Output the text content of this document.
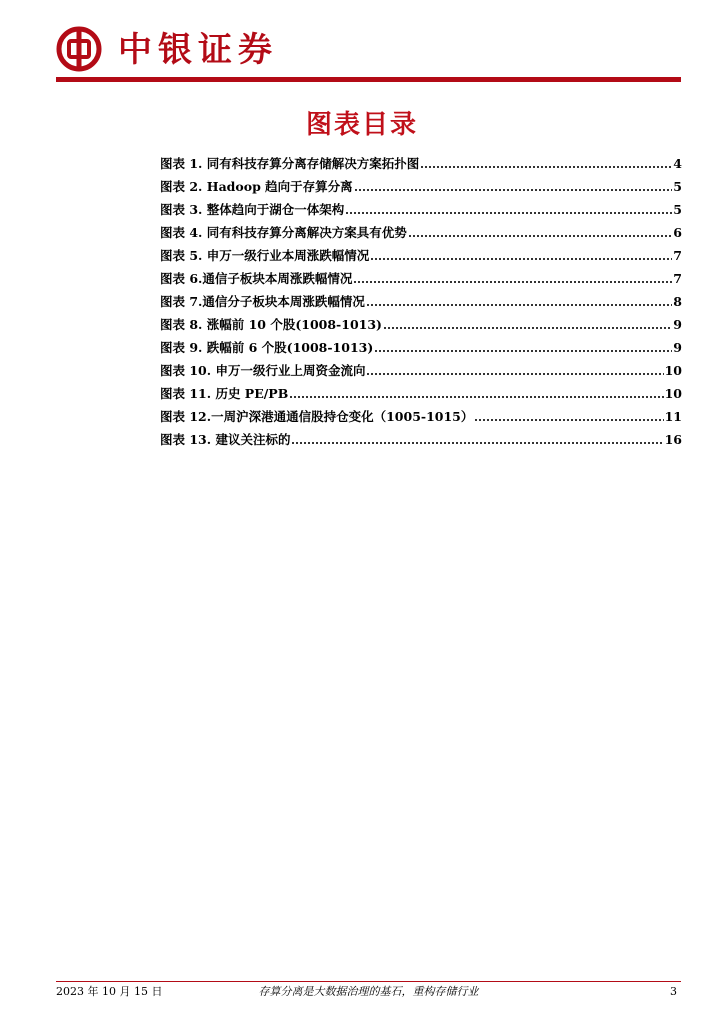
中银证券
图表目录
图表 1. 同有科技存算分离存储解决方案拓扑图	4
图表 2. Hadoop 趋向于存算分离	5
图表 3. 整体趋向于湖仓一体架构	5
图表 4. 同有科技存算分离解决方案具有优势	6
图表 5. 申万一级行业本周涨跌幅情况	7
图表 6.通信子板块本周涨跌幅情况	7
图表 7.通信分子板块本周涨跌幅情况	8
图表 8. 涨幅前 10 个股(1008-1013)	9
图表 9. 跌幅前 6 个股(1008-1013)	9
图表 10. 申万一级行业上周资金流向	10
图表 11. 历史 PE/PB	10
图表 12.一周沪深港通通信股持仓变化（1005-1015）	11
图表 13. 建议关注标的	16
2023 年 10 月 15 日	存算分离是大数据治理的基石，重构存储行业	3
